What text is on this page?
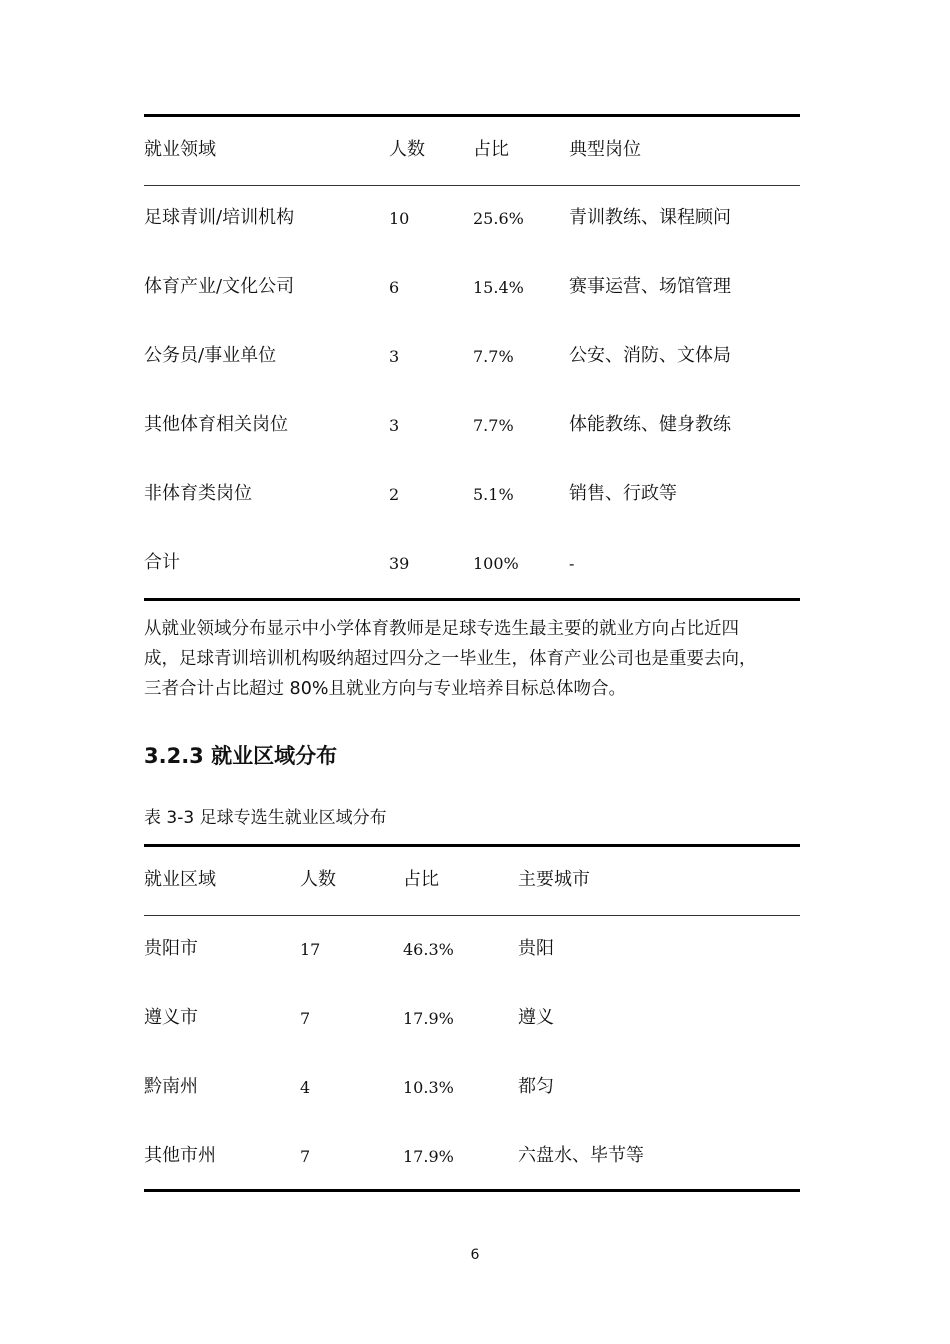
就业领域	人数	占比	典型岗位
足球青训/培训机构	10	25.6%	青训教练、课程顾问
体育产业/文化公司	6	15.4%	赛事运营、场馆管理
公务员/事业单位	3	7.7%	公安、消防、文体局
其他体育相关岗位	3	7.7%	体能教练、健身教练
非体育类岗位	2	5.1%	销售、行政等
合计	39	100%	-

从就业领域分布显示中小学体育教师是足球专选生最主要的就业方向占比近四

成，足球青训培训机构吸纳超过四分之一毕业生，体育产业公司也是重要去向，

三者合计占比超过 80%且就业方向与专业培养目标总体吻合。

3.2.3 就业区域分布
表 3-3 足球专选生就业区域分布
就业区域	人数	占比	主要城市
贵阳市	17	46.3%	贵阳
遵义市	7	17.9%	遵义
黔南州	4	10.3%	都匀
其他市州	7	17.9%	六盘水、毕节等
6
